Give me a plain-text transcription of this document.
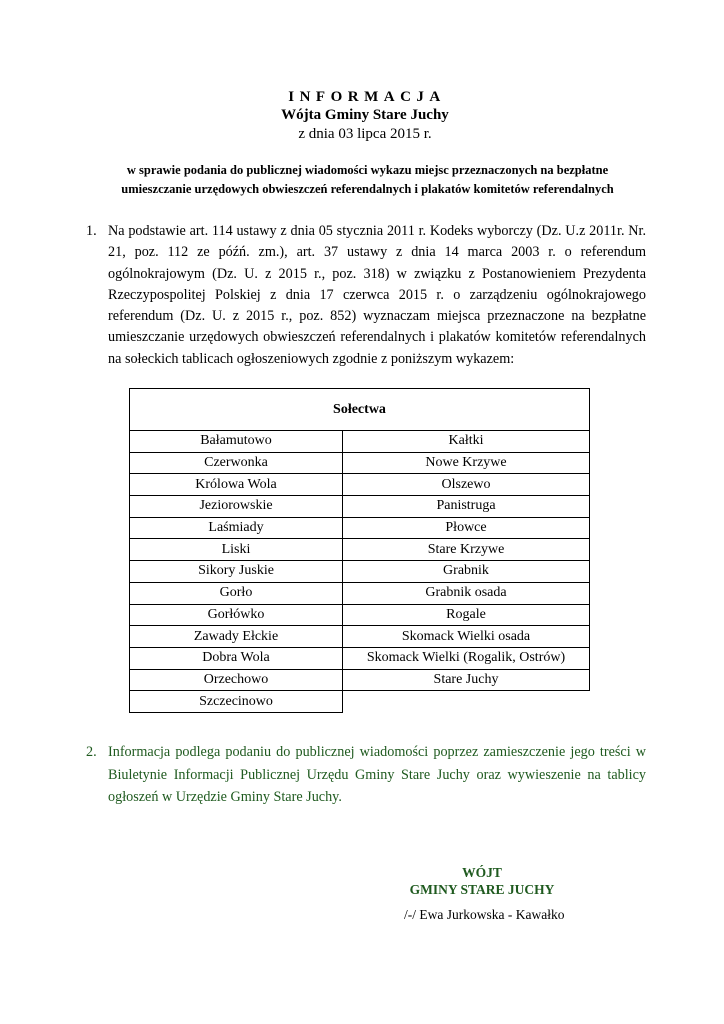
INFORMACJA
Wójta Gminy Stare Juchy
z dnia 03 lipca 2015 r.
w sprawie podania do publicznej wiadomości wykazu miejsc przeznaczonych na bezpłatne
umieszczanie urzędowych obwieszczeń referendalnych i plakatów komitetów referendalnych
1. Na podstawie art. 114 ustawy z dnia 05 stycznia 2011 r. Kodeks wyborczy (Dz. U.z 2011r. Nr. 21, poz. 112 ze późń. zm.), art. 37 ustawy z dnia 14 marca 2003 r. o referendum ogólnokrajowym (Dz. U. z 2015 r., poz. 318) w związku z Postanowieniem Prezydenta Rzeczypospolitej Polskiej z dnia 17 czerwca 2015 r. o zarządzeniu ogólnokrajowego referendum (Dz. U. z 2015 r., poz. 852) wyznaczam miejsca przeznaczone na bezpłatne umieszczanie urzędowych obwieszczeń referendalnych i plakatów komitetów referendalnych na sołeckich tablicach ogłoszeniowych zgodnie z poniższym wykazem:
Sołectwa	
Bałamutowo	Kałtki
Czerwonka	Nowe Krzywe
Królowa Wola	Olszewo
Jeziorowskie	Panistruga
Laśmiady	Płowce
Liski	Stare Krzywe
Sikory Juskie	Grabnik
Gorło	Grabnik osada
Gorłówko	Rogale
Zawady Ełckie	Skomack Wielki osada
Dobra Wola	Skomack Wielki (Rogalik, Ostrów)
Orzechowo	Stare Juchy
Szczecinowo	
2. Informacja podlega podaniu do publicznej wiadomości poprzez zamieszczenie jego treści w Biuletynie Informacji Publicznej Urzędu Gminy Stare Juchy oraz wywieszenie na tablicy ogłoszeń w Urzędzie Gminy Stare Juchy.
WÓJT
GMINY STARE JUCHY
/-/ Ewa Jurkowska - Kawałko
